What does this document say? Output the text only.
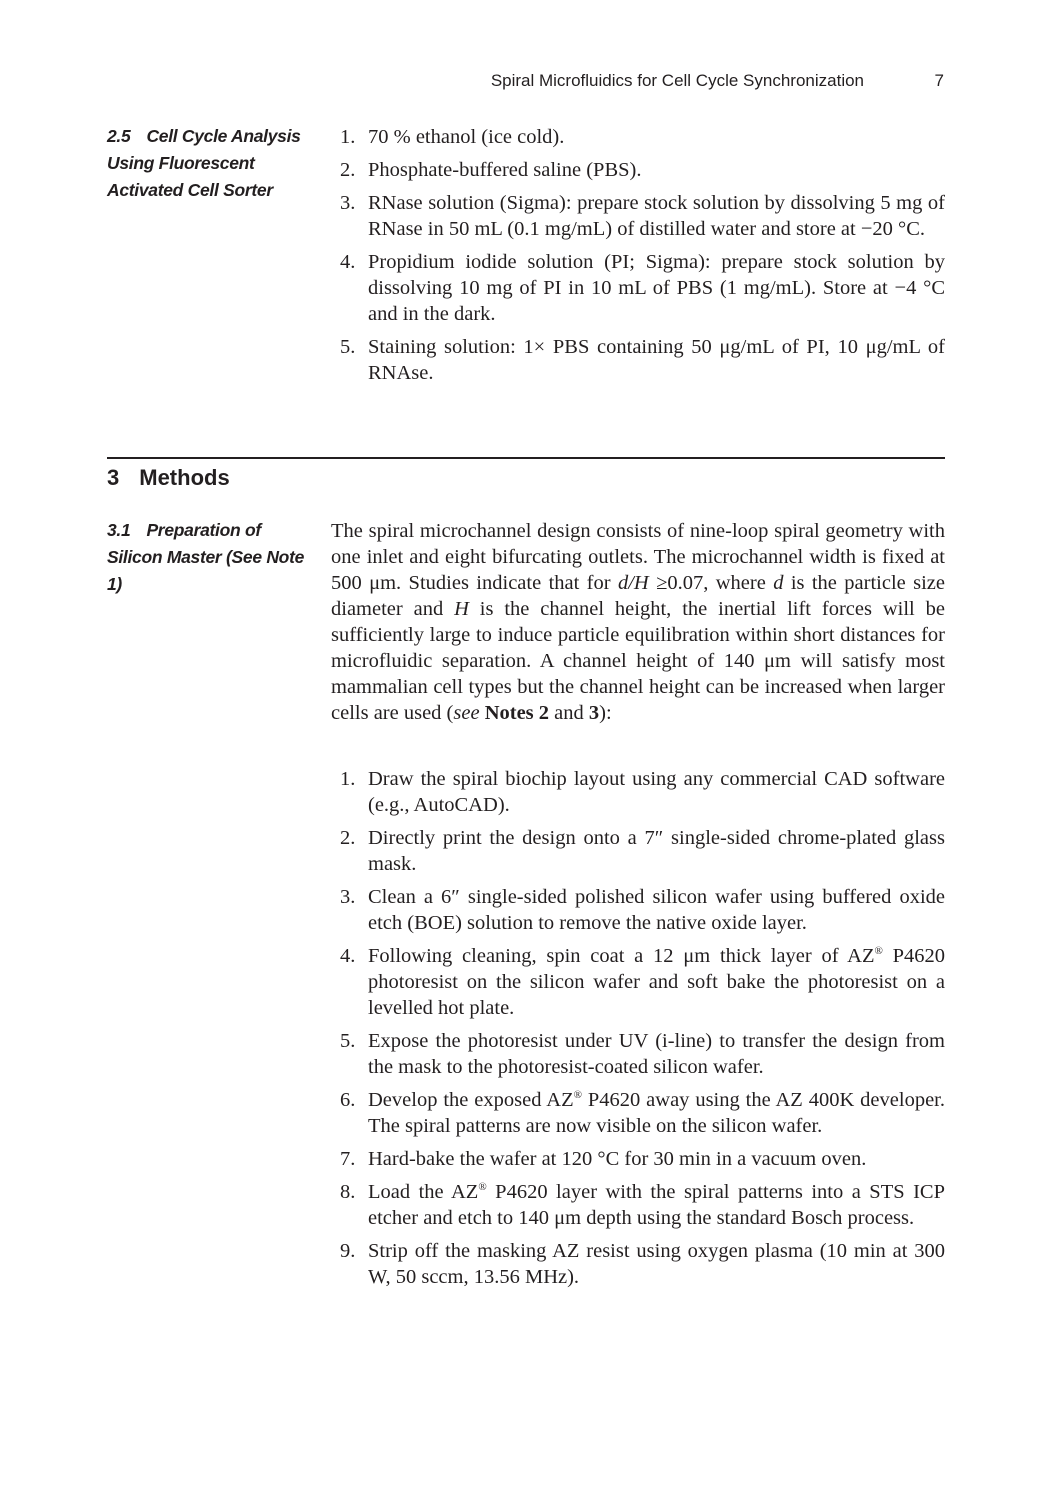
Spiral Microfluidics for Cell Cycle Synchronization	7
2.5 Cell Cycle Analysis Using Fluorescent Activated Cell Sorter
1. 70 % ethanol (ice cold).
2. Phosphate-buffered saline (PBS).
3. RNase solution (Sigma): prepare stock solution by dissolving 5 mg of RNase in 50 mL (0.1 mg/mL) of distilled water and store at −20 °C.
4. Propidium iodide solution (PI; Sigma): prepare stock solution by dissolving 10 mg of PI in 10 mL of PBS (1 mg/mL). Store at −4 °C and in the dark.
5. Staining solution: 1× PBS containing 50 μg/mL of PI, 10 μg/mL of RNAse.
3 Methods
3.1 Preparation of Silicon Master (See Note 1)

The spiral microchannel design consists of nine-loop spiral geometry with one inlet and eight bifurcating outlets. The microchannel width is fixed at 500 μm. Studies indicate that for d/H ≥0.07, where d is the particle size diameter and H is the channel height, the inertial lift forces will be sufficiently large to induce particle equilibration within short distances for microfluidic separation. A channel height of 140 μm will satisfy most mammalian cell types but the channel height can be increased when larger cells are used (see Notes 2 and 3):

1. Draw the spiral biochip layout using any commercial CAD software (e.g., AutoCAD).
2. Directly print the design onto a 7″ single-sided chrome-plated glass mask.
3. Clean a 6″ single-sided polished silicon wafer using buffered oxide etch (BOE) solution to remove the native oxide layer.
4. Following cleaning, spin coat a 12 μm thick layer of AZ® P4620 photoresist on the silicon wafer and soft bake the photoresist on a levelled hot plate.
5. Expose the photoresist under UV (i-line) to transfer the design from the mask to the photoresist-coated silicon wafer.
6. Develop the exposed AZ® P4620 away using the AZ 400K developer. The spiral patterns are now visible on the silicon wafer.
7. Hard-bake the wafer at 120 °C for 30 min in a vacuum oven.
8. Load the AZ® P4620 layer with the spiral patterns into a STS ICP etcher and etch to 140 μm depth using the standard Bosch process.
9. Strip off the masking AZ resist using oxygen plasma (10 min at 300 W, 50 sccm, 13.56 MHz).
